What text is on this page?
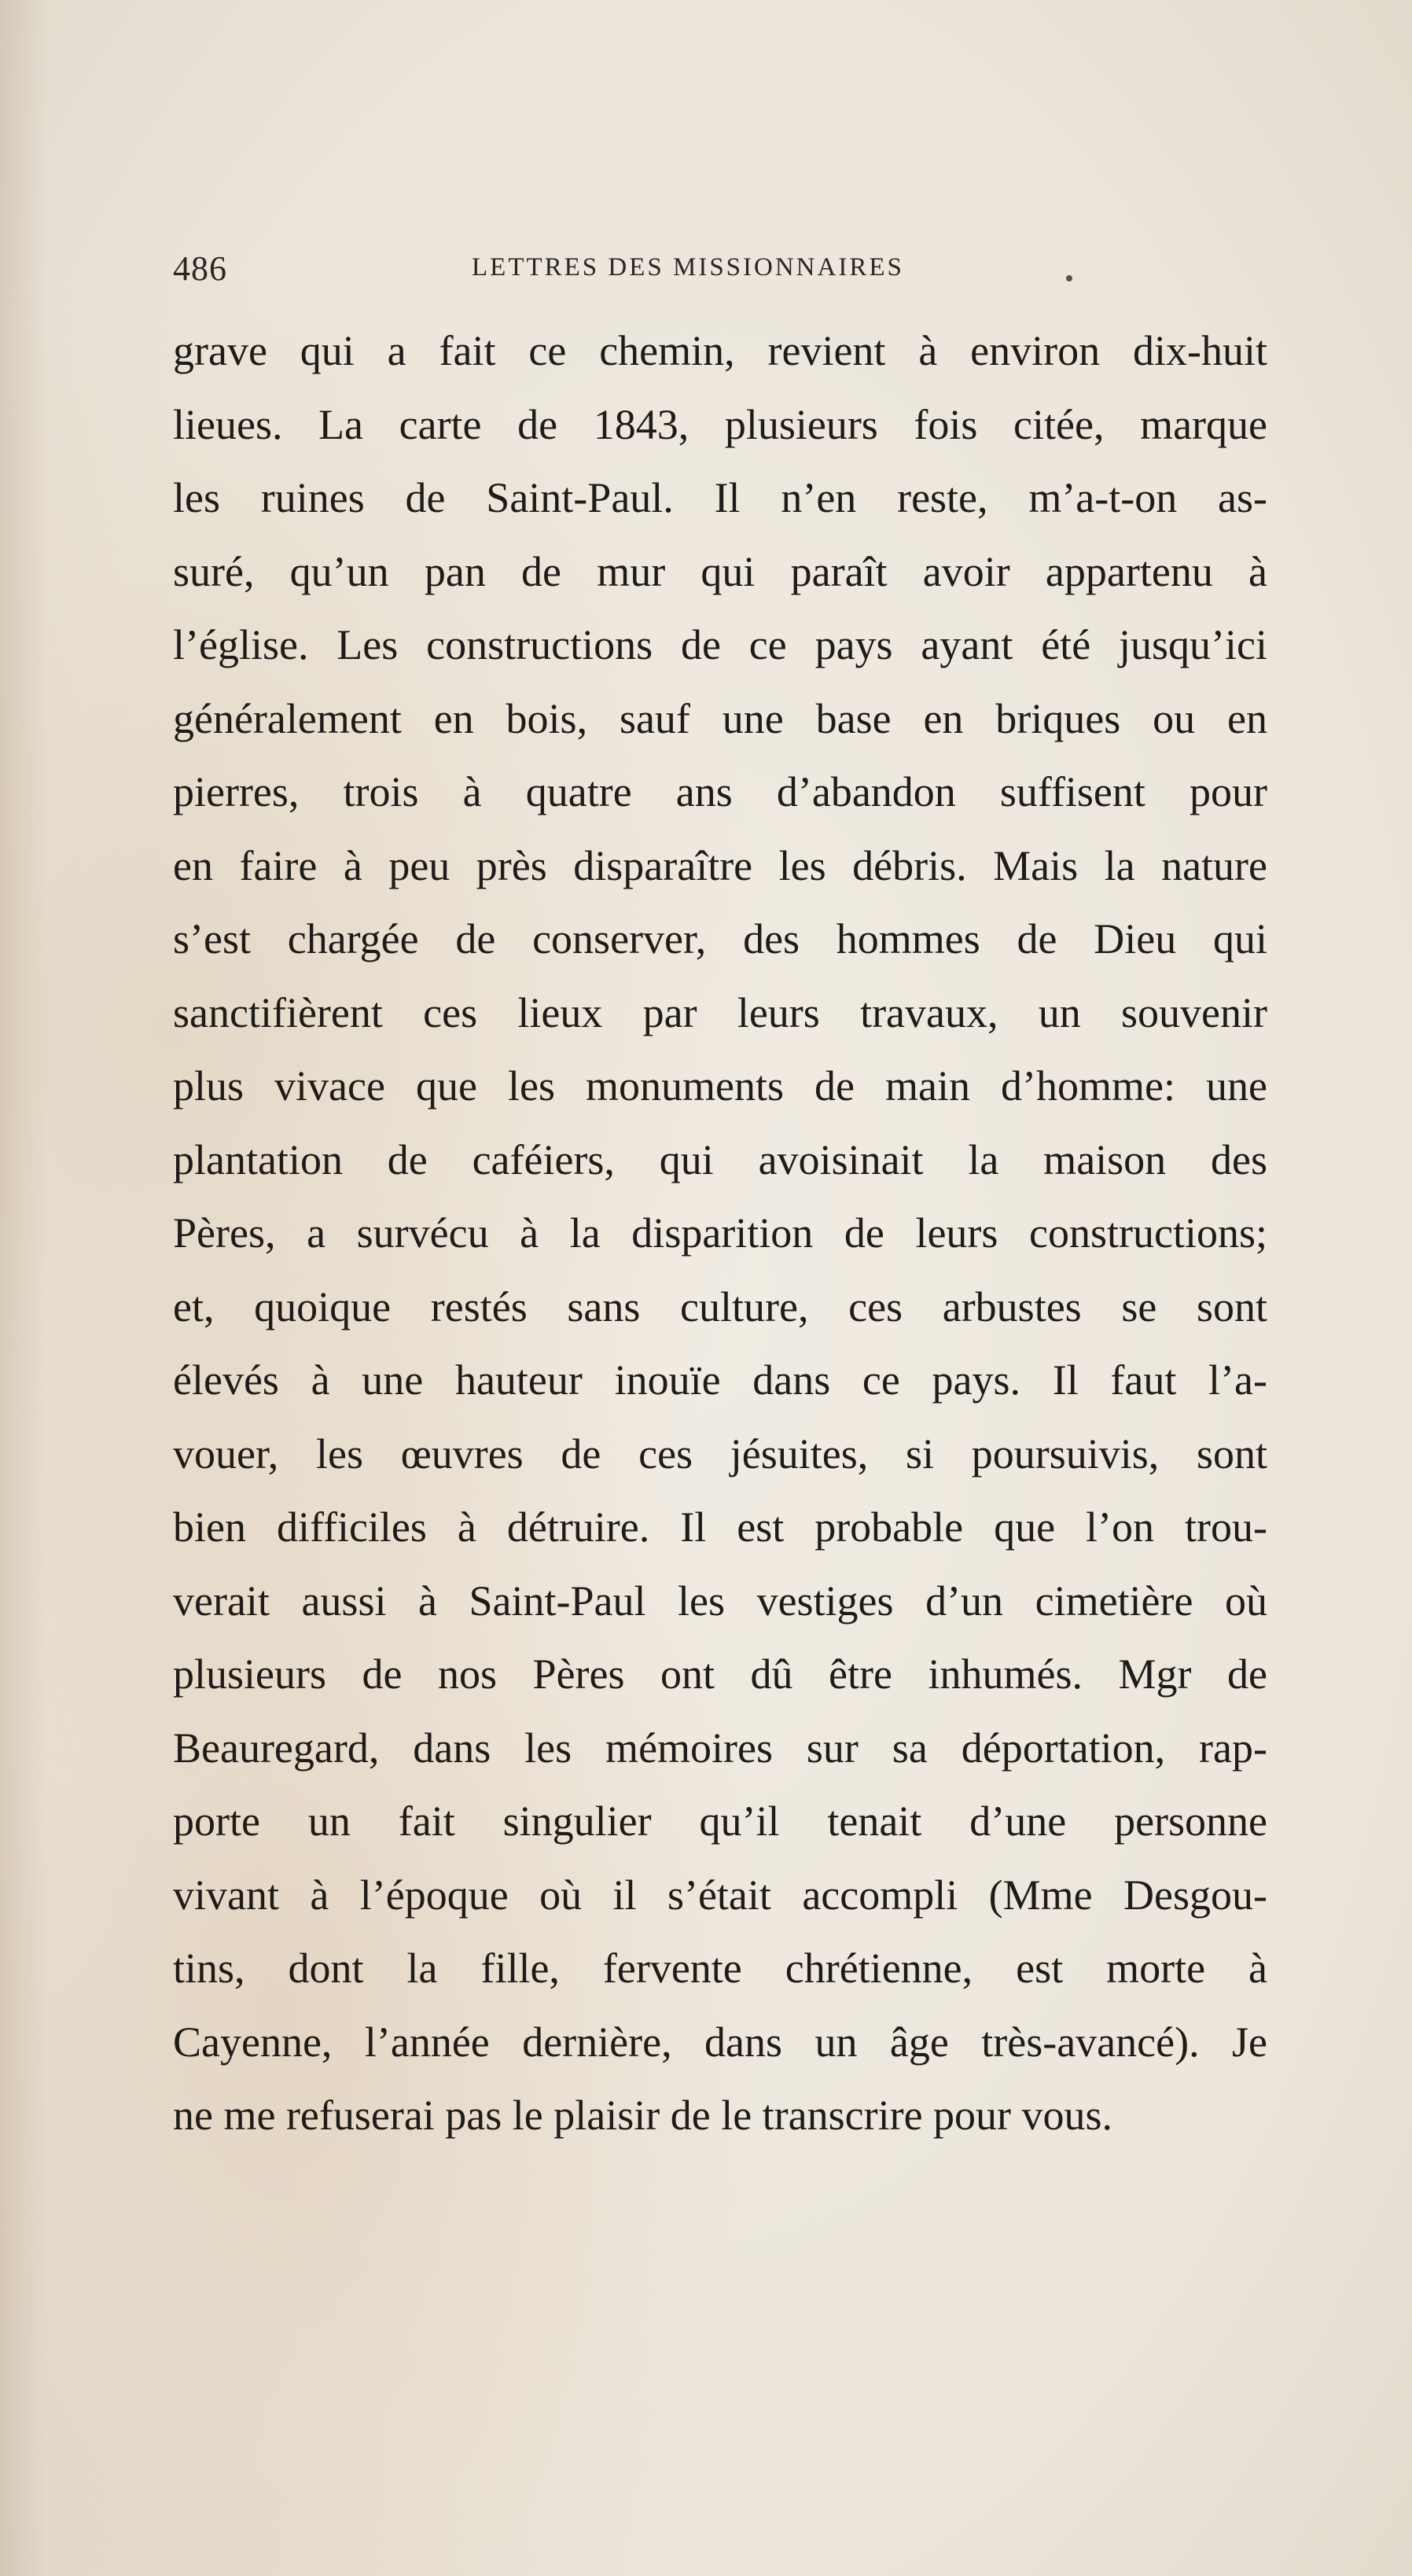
486	LETTRES DES MISSIONNAIRES
grave qui a fait ce chemin, revient à environ dix-huit
lieues. La carte de 1843, plusieurs fois citée, marque
les ruines de Saint-Paul. Il n’en reste, m’a-t-on as-
suré, qu’un pan de mur qui paraît avoir appartenu à
l’église. Les constructions de ce pays ayant été jusqu’ici
généralement en bois, sauf une base en briques ou en
pierres, trois à quatre ans d’abandon suffisent pour
en faire à peu près disparaître les débris. Mais la nature
s’est chargée de conserver, des hommes de Dieu qui
sanctifièrent ces lieux par leurs travaux, un souvenir
plus vivace que les monuments de main d’homme: une
plantation de caféiers, qui avoisinait la maison des
Pères, a survécu à la disparition de leurs constructions;
et, quoique restés sans culture, ces arbustes se sont
élevés à une hauteur inouïe dans ce pays. Il faut l’a-
vouer, les œuvres de ces jésuites, si poursuivis, sont
bien difficiles à détruire. Il est probable que l’on trou-
verait aussi à Saint-Paul les vestiges d’un cimetière où
plusieurs de nos Pères ont dû être inhumés. Mgr de
Beauregard, dans les mémoires sur sa déportation, rap-
porte un fait singulier qu’il tenait d’une personne
vivant à l’époque où il s’était accompli (Mme Desgou-
tins, dont la fille, fervente chrétienne, est morte à
Cayenne, l’année dernière, dans un âge très-avancé). Je
ne me refuserai pas le plaisir de le transcrire pour vous.
